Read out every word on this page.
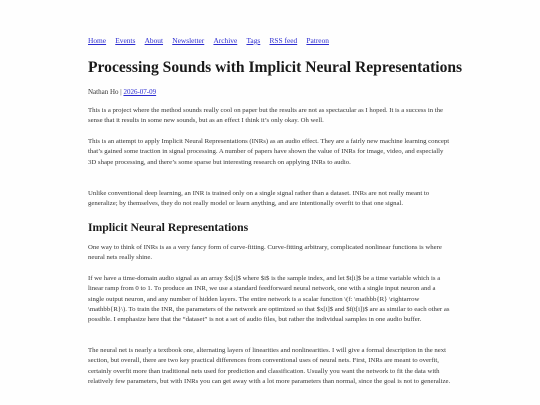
Home Events About Newsletter Archive Tags RSS feed Patreon
Processing Sounds with Implicit Neural Representations
Nathan Ho | 2026-07-09

This is a project where the method sounds really cool on paper but the results are not as spectacular as I hoped. It is a success in the sense that it results in some new sounds, but as an effect I think it’s only okay. Oh well.

This is an attempt to apply Implicit Neural Representations (INRs) as an audio effect. They are a fairly new machine learning concept that’s gained some traction in signal processing. A number of papers have shown the value of INRs for image, video, and especially 3D shape processing, and there’s some sparse but interesting research on applying INRs to audio.

Unlike conventional deep learning, an INR is trained only on a single signal rather than a dataset. INRs are not really meant to generalize; by themselves, they do not really model or learn anything, and are intentionally overfit to that one signal.

Implicit Neural Representations

One way to think of INRs is as a very fancy form of curve-fitting. Curve-fitting arbitrary, complicated nonlinear functions is where neural nets really shine.

If we have a time-domain audio signal as an array $x[i]$ where $i$ is the sample index, and let $t[i]$ be a time variable which is a linear ramp from 0 to 1. To produce an INR, we use a standard feedforward neural network, one with a single input neuron and a single output neuron, and any number of hidden layers. The entire network is a scalar function \(f: \mathbb{R} \rightarrow \mathbb{R}\). To train the INR, the parameters of the network are optimized so that $x[i]$ and $f(t[i])$ are as similar to each other as possible. I emphasize here that the “dataset” is not a set of audio files, but rather the individual samples in one audio buffer.

The neural net is nearly a textbook one, alternating layers of linearities and nonlinearities. I will give a formal description in the next section, but overall, there are two key practical differences from conventional uses of neural nets. First, INRs are meant to overfit, certainly overfit more than traditional nets used for prediction and classification. Usually you want the network to fit the data with relatively few parameters, but with INRs you can get away with a lot more parameters than normal, since the goal is not to generalize.
